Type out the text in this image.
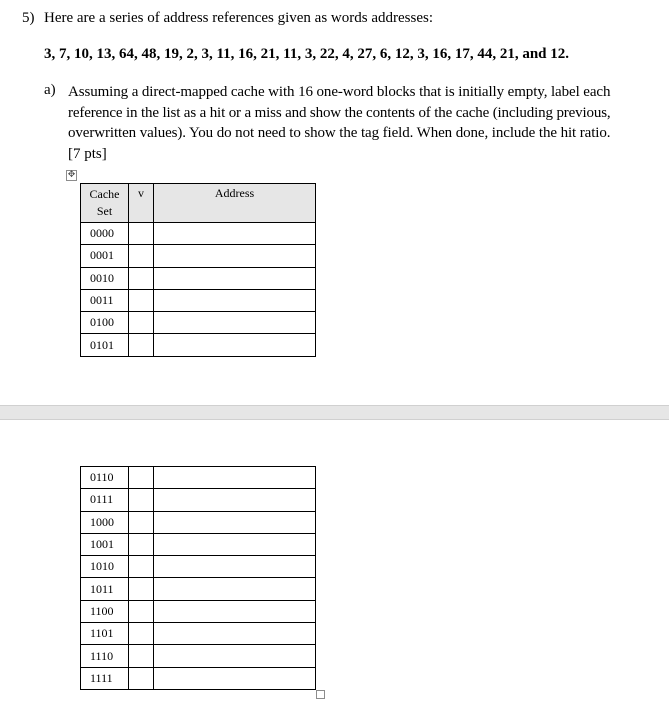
5) Here are a series of address references given as words addresses:
3, 7, 10, 13, 64, 48, 19, 2, 3, 11, 16, 21, 11, 3, 22, 4, 27, 6, 12, 3, 16, 17, 44, 21, and 12.
a) Assuming a direct-mapped cache with 16 one-word blocks that is initially empty, label each
reference in the list as a hit or a miss and show the contents of the cache (including previous,
overwritten values). You do not need to show the tag field. When done, include the hit ratio.
[7 pts]
✥
Cache
Set	v	Address
0000		
0001		
0010		
0011		
0100		
0101		
0110		
0111		
1000		
1001		
1010		
1011		
1100		
1101		
1110		
1111		
